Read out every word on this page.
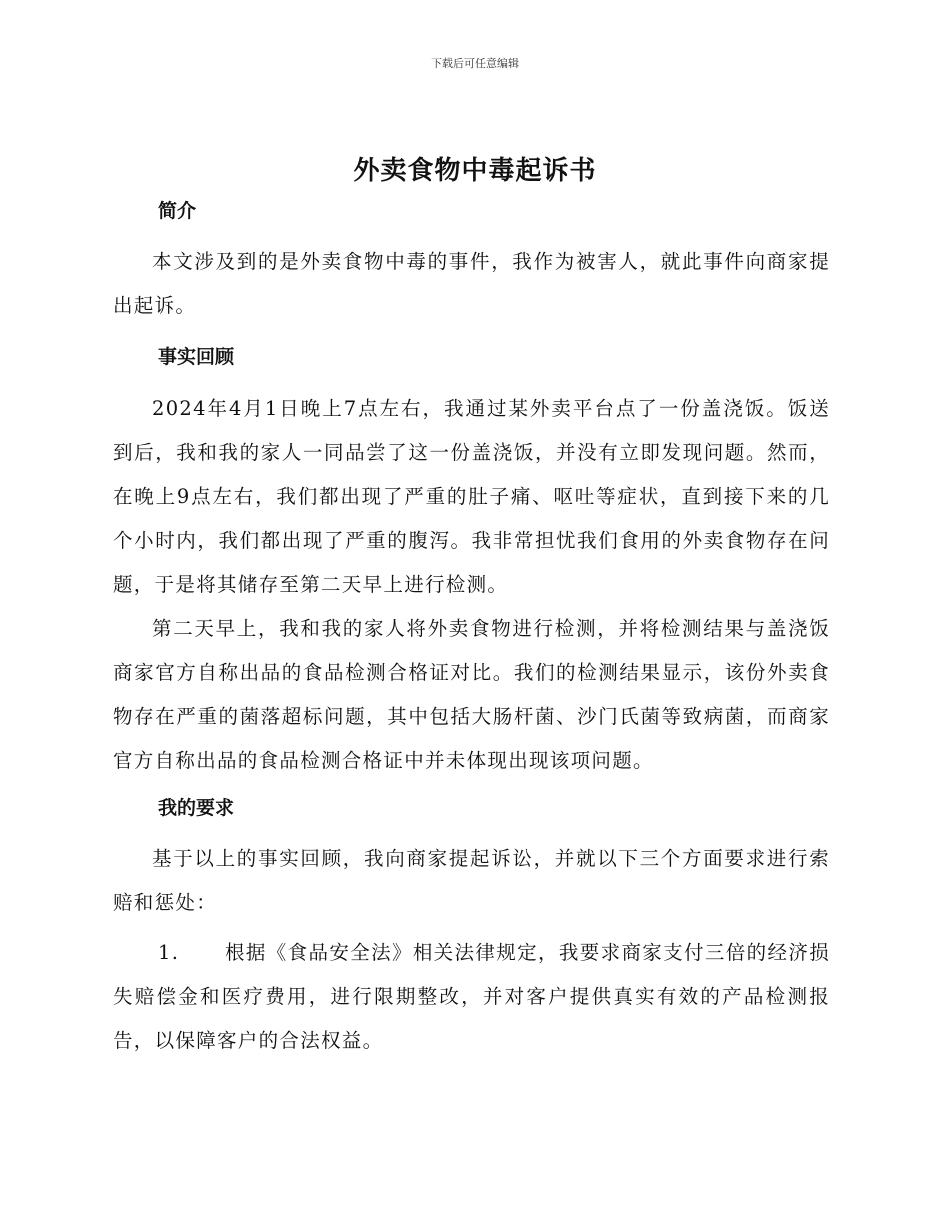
下载后可任意编辑
外卖食物中毒起诉书
简介
本文涉及到的是外卖食物中毒的事件，我作为被害人，就此事件向商家提出起诉。
事实回顾
2024年4月1日晚上7点左右，我通过某外卖平台点了一份盖浇饭。饭送到后，我和我的家人一同品尝了这一份盖浇饭，并没有立即发现问题。然而，在晚上9点左右，我们都出现了严重的肚子痛、呕吐等症状，直到接下来的几个小时内，我们都出现了严重的腹泻。我非常担忧我们食用的外卖食物存在问题，于是将其储存至第二天早上进行检测。
第二天早上，我和我的家人将外卖食物进行检测，并将检测结果与盖浇饭商家官方自称出品的食品检测合格证对比。我们的检测结果显示，该份外卖食物存在严重的菌落超标问题，其中包括大肠杆菌、沙门氏菌等致病菌，而商家官方自称出品的食品检测合格证中并未体现出现该项问题。
我的要求
基于以上的事实回顾，我向商家提起诉讼，并就以下三个方面要求进行索赔和惩处：
1. 根据《食品安全法》相关法律规定，我要求商家支付三倍的经济损失赔偿金和医疗费用，进行限期整改，并对客户提供真实有效的产品检测报告，以保障客户的合法权益。
